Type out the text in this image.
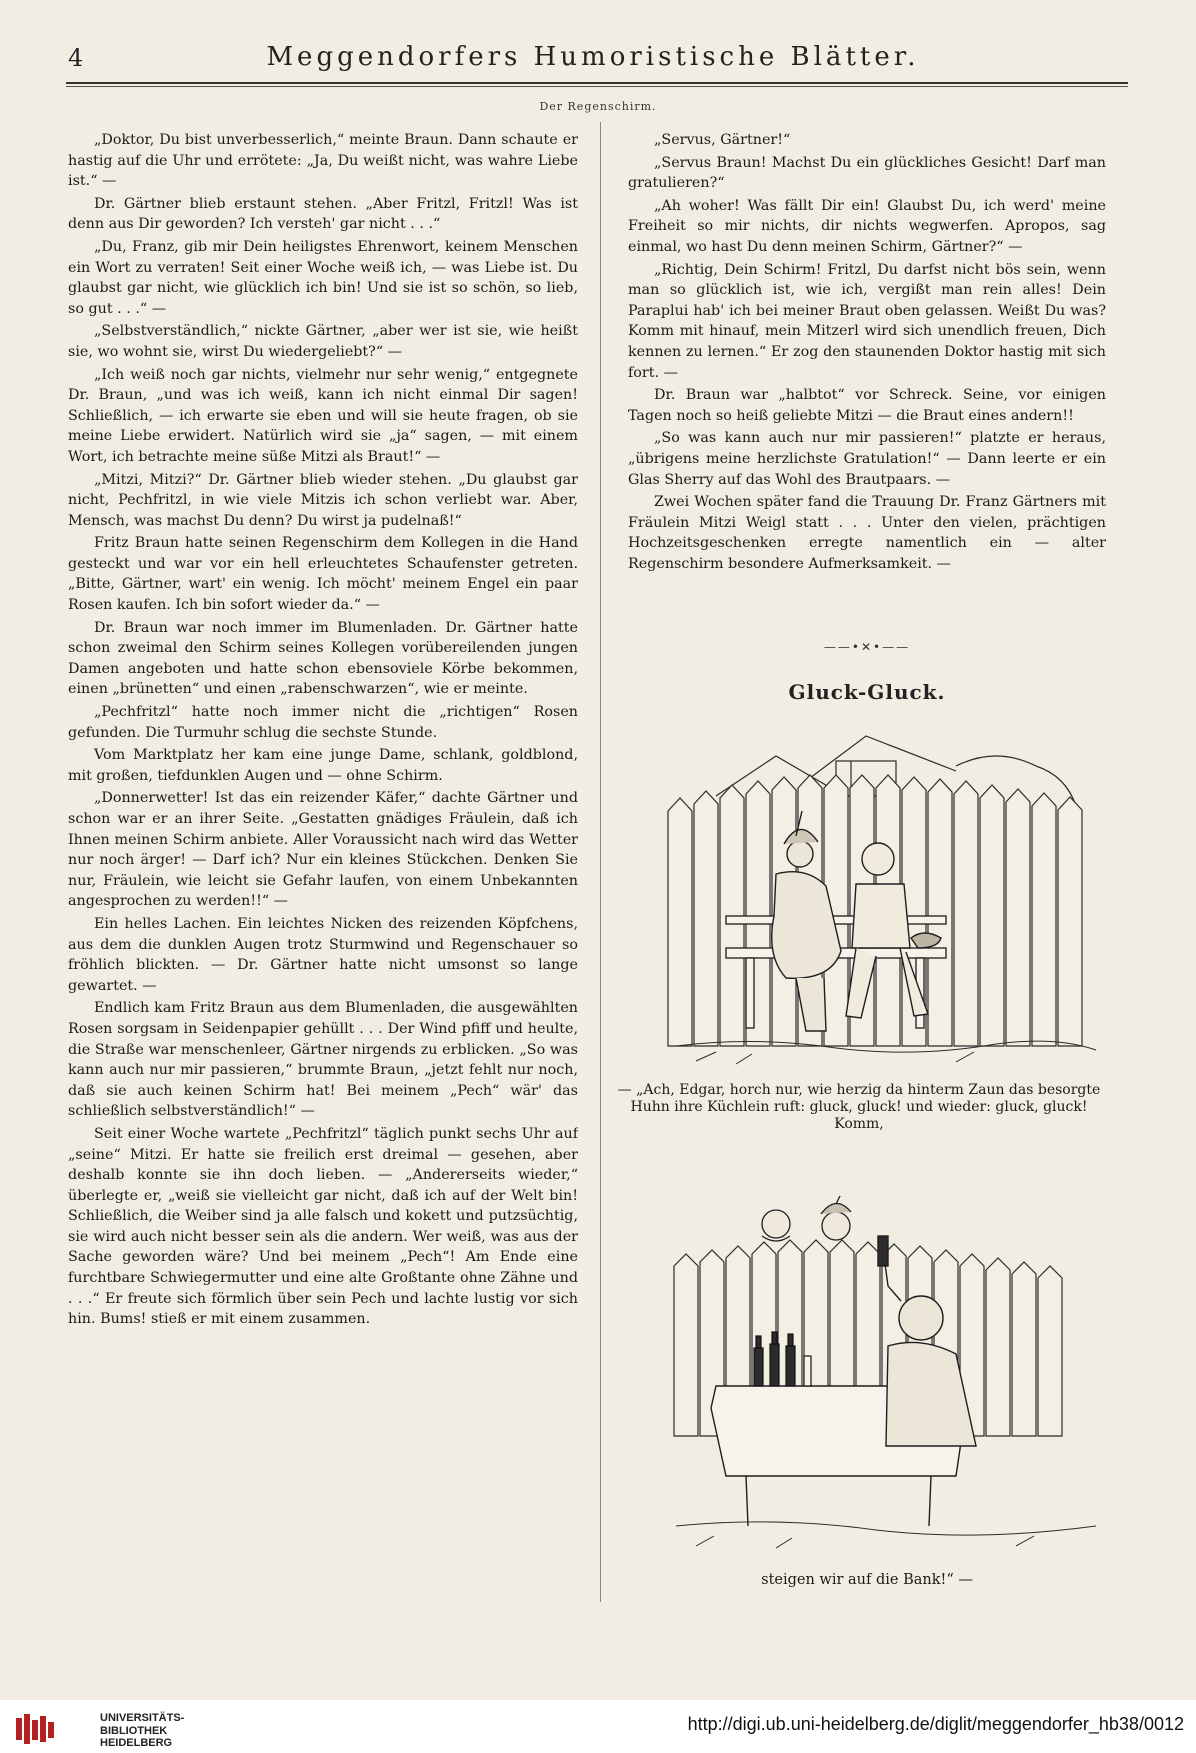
4	Meggendorfers Humoristische Blätter.
Der Regenschirm.

„Doktor, Du bist unverbesserlich,“ meinte Braun. Dann schaute er hastig auf die Uhr und errötete: „Ja, Du weißt nicht, was wahre Liebe ist.“ —

Dr. Gärtner blieb erstaunt stehen. „Aber Fritzl, Fritzl! Was ist denn aus Dir geworden? Ich versteh' gar nicht . . .“

„Du, Franz, gib mir Dein heiligstes Ehrenwort, keinem Menschen ein Wort zu verraten! Seit einer Woche weiß ich, — was Liebe ist. Du glaubst gar nicht, wie glücklich ich bin! Und sie ist so schön, so lieb, so gut . . .“ —

„Selbstverständlich,“ nickte Gärtner, „aber wer ist sie, wie heißt sie, wo wohnt sie, wirst Du wiedergeliebt?“ —

„Ich weiß noch gar nichts, vielmehr nur sehr wenig,“ entgegnete Dr. Braun, „und was ich weiß, kann ich nicht einmal Dir sagen! Schließlich, — ich erwarte sie eben und will sie heute fragen, ob sie meine Liebe erwidert. Natürlich wird sie „ja“ sagen, — mit einem Wort, ich betrachte meine süße Mitzi als Braut!“ —

„Mitzi, Mitzi?“ Dr. Gärtner blieb wieder stehen. „Du glaubst gar nicht, Pechfritzl, in wie viele Mitzis ich schon verliebt war. Aber, Mensch, was machst Du denn? Du wirst ja pudelnaß!“

Fritz Braun hatte seinen Regenschirm dem Kollegen in die Hand gesteckt und war vor ein hell erleuchtetes Schaufenster getreten. „Bitte, Gärtner, wart' ein wenig. Ich möcht' meinem Engel ein paar Rosen kaufen. Ich bin sofort wieder da.“ —

Dr. Braun war noch immer im Blumenladen. Dr. Gärtner hatte schon zweimal den Schirm seines Kollegen vorübereilenden jungen Damen angeboten und hatte schon ebensoviele Körbe bekommen, einen „brünetten“ und einen „rabenschwarzen“, wie er meinte.

„Pechfritzl“ hatte noch immer nicht die „richtigen“ Rosen gefunden. Die Turmuhr schlug die sechste Stunde.

Vom Marktplatz her kam eine junge Dame, schlank, goldblond, mit großen, tiefdunklen Augen und — ohne Schirm.

„Donnerwetter! Ist das ein reizender Käfer,“ dachte Gärtner und schon war er an ihrer Seite. „Gestatten gnädiges Fräulein, daß ich Ihnen meinen Schirm anbiete. Aller Voraussicht nach wird das Wetter nur noch ärger! — Darf ich? Nur ein kleines Stückchen. Denken Sie nur, Fräulein, wie leicht sie Gefahr laufen, von einem Unbekannten angesprochen zu werden!!“ —

Ein helles Lachen. Ein leichtes Nicken des reizenden Köpfchens, aus dem die dunklen Augen trotz Sturmwind und Regenschauer so fröhlich blickten. — Dr. Gärtner hatte nicht umsonst so lange gewartet. —

Endlich kam Fritz Braun aus dem Blumenladen, die ausgewählten Rosen sorgsam in Seidenpapier gehüllt . . . Der Wind pfiff und heulte, die Straße war menschenleer, Gärtner nirgends zu erblicken. „So was kann auch nur mir passieren,“ brummte Braun, „jetzt fehlt nur noch, daß sie auch keinen Schirm hat! Bei meinem „Pech“ wär' das schließlich selbstverständlich!“ —

Seit einer Woche wartete „Pechfritzl“ täglich punkt sechs Uhr auf „seine“ Mitzi. Er hatte sie freilich erst dreimal — gesehen, aber deshalb konnte sie ihn doch lieben. — „Andererseits wieder,“ überlegte er, „weiß sie vielleicht gar nicht, daß ich auf der Welt bin! Schließlich, die Weiber sind ja alle falsch und kokett und putzsüchtig, sie wird auch nicht besser sein als die andern. Wer weiß, was aus der Sache geworden wäre? Und bei meinem „Pech“! Am Ende eine furchtbare Schwiegermutter und eine alte Großtante ohne Zähne und . . .“ Er freute sich förmlich über sein Pech und lachte lustig vor sich hin. Bums! stieß er mit einem zusammen.

„Servus, Gärtner!“

„Servus Braun! Machst Du ein glückliches Gesicht! Darf man gratulieren?“

„Ah woher! Was fällt Dir ein! Glaubst Du, ich werd' meine Freiheit so mir nichts, dir nichts wegwerfen. Apropos, sag einmal, wo hast Du denn meinen Schirm, Gärtner?“ —

„Richtig, Dein Schirm! Fritzl, Du darfst nicht bös sein, wenn man so glücklich ist, wie ich, vergißt man rein alles! Dein Paraplui hab' ich bei meiner Braut oben gelassen. Weißt Du was? Komm mit hinauf, mein Mitzerl wird sich unendlich freuen, Dich kennen zu lernen.“ Er zog den staunenden Doktor hastig mit sich fort. —

Dr. Braun war „halbtot“ vor Schreck. Seine, vor einigen Tagen noch so heiß geliebte Mitzi — die Braut eines andern!!

„So was kann auch nur mir passieren!“ platzte er heraus, „übrigens meine herzlichste Gratulation!“ — Dann leerte er ein Glas Sherry auf das Wohl des Brautpaars. —

Zwei Wochen später fand die Trauung Dr. Franz Gärtners mit Fräulein Mitzi Weigl statt . . . Unter den vielen, prächtigen Hochzeitsgeschenken erregte namentlich ein — alter Regenschirm besondere Aufmerksamkeit. —

——•✕•——
Gluck-Gluck.
— „Ach, Edgar, horch nur, wie herzig da hinterm Zaun das besorgte Huhn ihre Küchlein ruft: gluck, gluck! und wieder: gluck, gluck! Komm,
steigen wir auf die Bank!“ —
UNIVERSITÄTS-
BIBLIOTHEK
HEIDELBERG
http://digi.ub.uni-heidelberg.de/diglit/meggendorfer_hb38/0012
